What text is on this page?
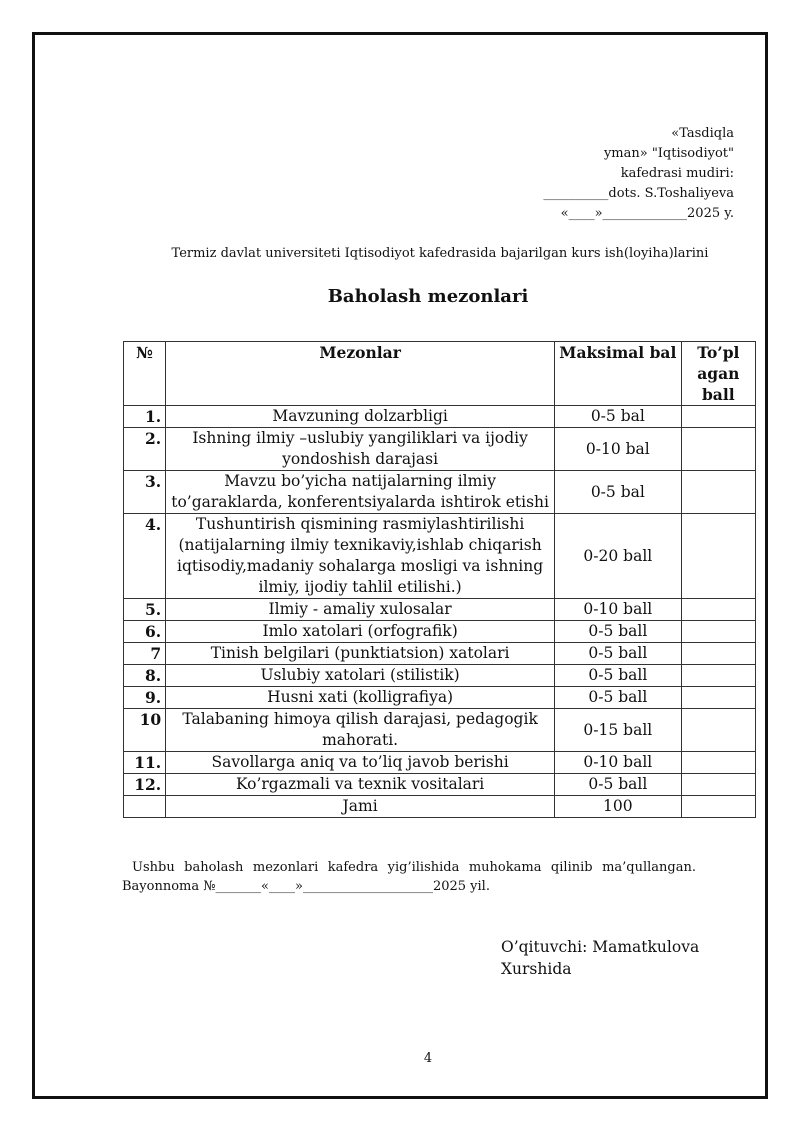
«Tasdiqla
yman» "Iqtisodiyot"
kafedrasi mudiri:
__________dots. S.Toshaliyeva
«____»_____________2025 y.
Termiz davlat universiteti Iqtisodiyot kafedrasida bajarilgan kurs ish(loyiha)larini
Baholash mezonlari
№	Mezonlar	Maksimal bal	To’pl agan ball
1.	Mavzuning dolzarbligi	0-5 bal	
2.	Ishning ilmiy –uslubiy yangiliklari va ijodiy yondoshish darajasi	0-10 bal	
3.	Mavzu bo’yicha natijalarning ilmiy to’garaklarda, konferentsiyalarda ishtirok etishi	0-5 bal	
4.	Tushuntirish qismining rasmiylashtirilishi (natijalarning ilmiy texnikaviy,ishlab chiqarish iqtisodiy,madaniy sohalarga mosligi va ishning ilmiy, ijodiy tahlil etilishi.)	0-20 ball	
5.	Ilmiy - amaliy xulosalar	0-10 ball	
6.	Imlo xatolari (orfografik)	0-5 ball	
7	Tinish belgilari (punktiatsion) xatolari	0-5 ball	
8.	Uslubiy xatolari (stilistik)	0-5 ball	
9.	Husni xati (kolligrafiya)	0-5 ball	
10	Talabaning himoya qilish darajasi, pedagogik mahorati.	0-15 ball	
11.	Savollarga aniq va to’liq javob berishi	0-10 ball	
12.	Ko’rgazmali va texnik vositalari	0-5 ball	
	Jami	100	
Ushbu baholash mezonlari kafedra yig’ilishida muhokama qilinib ma’qullangan.
Bayonnoma №_______«____»____________________2025 yil.
O’qituvchi: Mamatkulova
Xurshida
4
